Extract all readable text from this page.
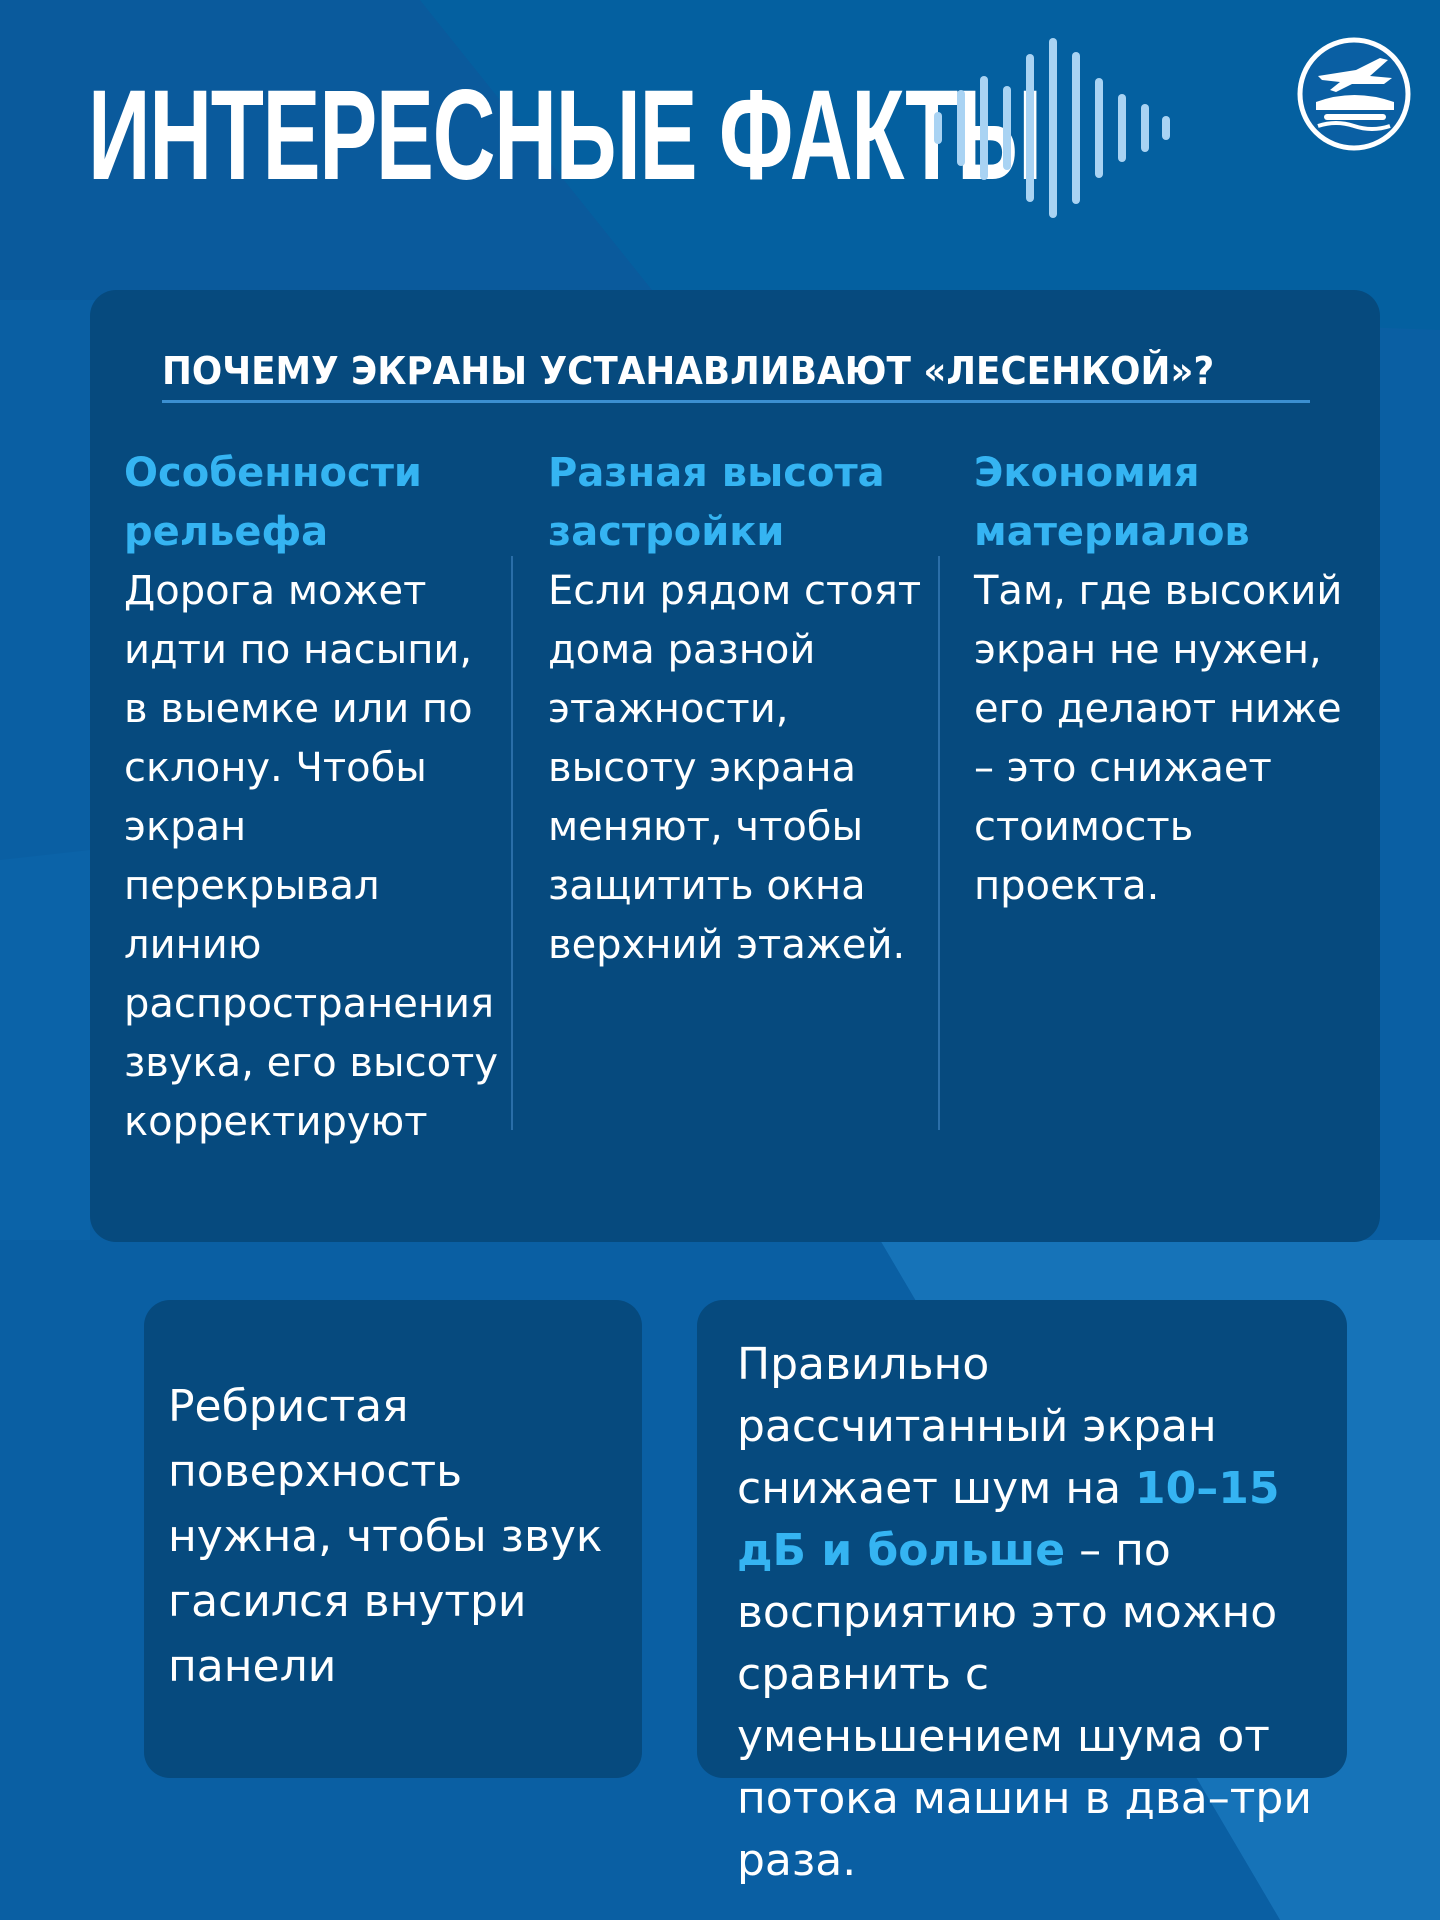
ИНТЕРЕСНЫЕ ФАКТЫ
ПОЧЕМУ ЭКРАНЫ УСТАНАВЛИВАЮТ «ЛЕСЕНКОЙ»?

Особенности рельефа

Дорога может идти по насыпи, в выемке или по склону. Чтобы экран перекрывал линию распространения звука, его высоту корректируют

Разная высота застройки

Если рядом стоят дома разной этажности, высоту экрана меняют, чтобы защитить окна верхний этажей.

Экономия материалов

Там, где высокий экран не нужен, его делают ниже – это снижает стоимость проекта.

Ребристая поверхность нужна, чтобы звук гасился внутри панели

Правильно рассчитанный экран снижает шум на 10–15 дБ и больше – по восприятию это можно сравнить с уменьшением шума от потока машин в два–три раза.
